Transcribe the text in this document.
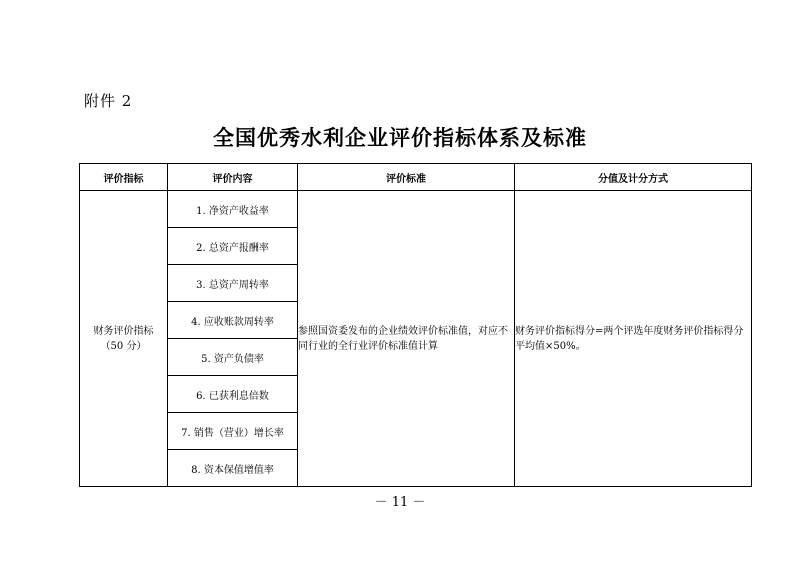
附件 2
全国优秀水利企业评价指标体系及标准
评价指标	评价内容	评价标准	分值及计分方式

财务评价指标
（50 分）	1. 净资产收益率	参照国资委发布的企业绩效评价标准值，对应不同行业的全行业评价标准值计算	财务评价指标得分=两个评选年度财务评价指标得分平均值×50%。
	2. 总资产报酬率		
	3. 总资产周转率		
	4. 应收账款周转率		
	5. 资产负债率		
	6. 已获利息倍数		
	7. 销售（营业）增长率		
	8. 资本保值增值率		
－ 11 －
